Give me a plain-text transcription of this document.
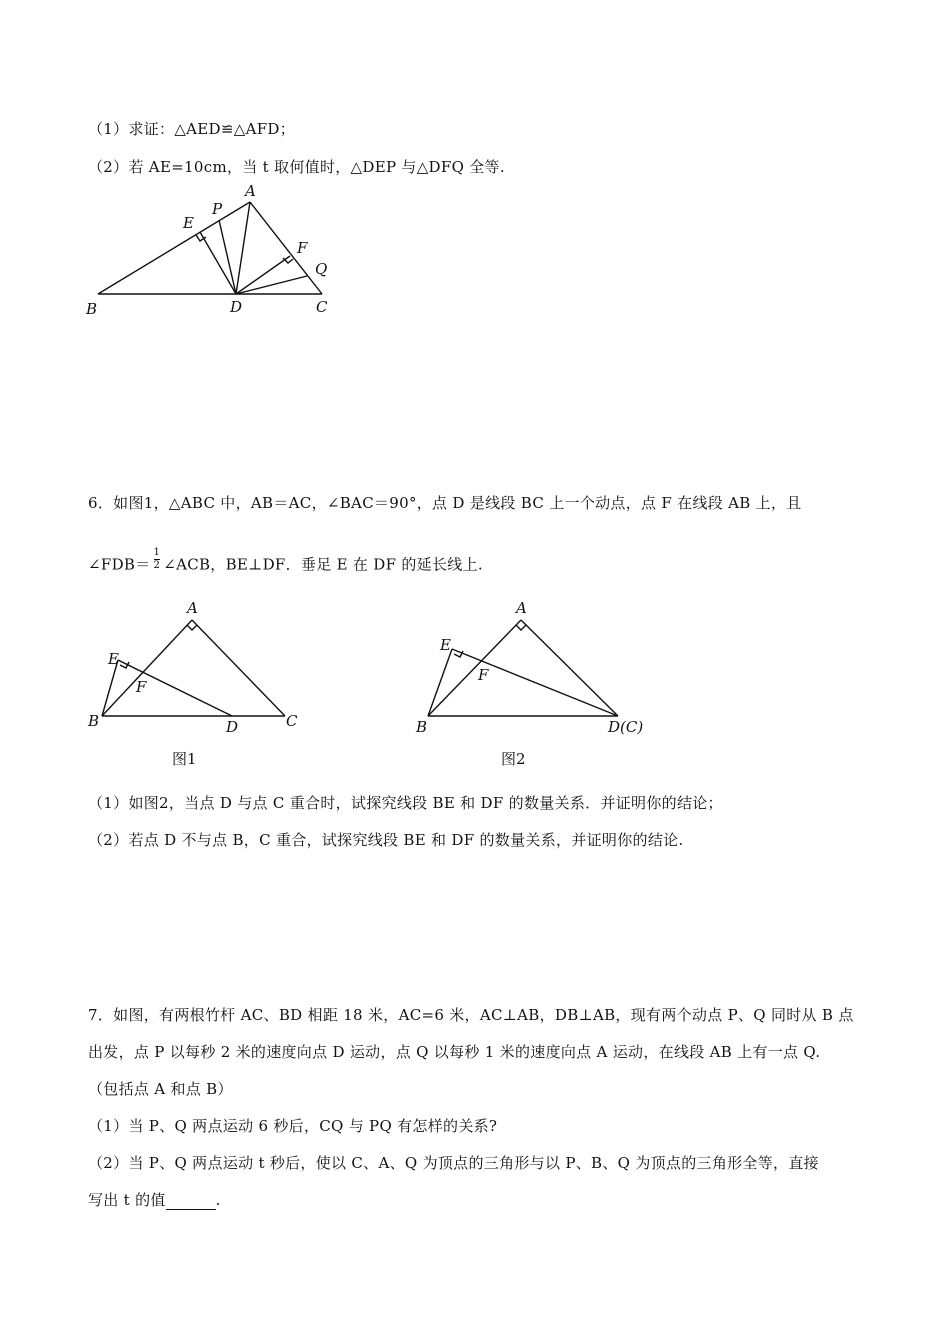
（1）求证：△AED≌△AFD；
（2）若 AE=10cm，当 t 取何值时，△DEP 与△DFQ 全等.
A
E
P
F
Q
B	D	C
6．如图1，△ABC 中，AB＝AC，∠BAC＝90°，点 D 是线段 BC 上一个动点，点 F 在线段 AB 上，且
∠FDB＝ $\frac{1}{2}$ ∠ACB，BE⊥DF．垂足 E 在 DF 的延长线上.
A
E
F
B	D	C
图1
A
E
F
B	D(C)
图2
（1）如图2，当点 D 与点 C 重合时，试探究线段 BE 和 DF 的数量关系．并证明你的结论；
（2）若点 D 不与点 B，C 重合，试探究线段 BE 和 DF 的数量关系，并证明你的结论.
7．如图，有两根竹杆 AC、BD 相距 18 米，AC=6 米，AC⊥AB，DB⊥AB，现有两个动点 P、Q 同时从 B 点
出发，点 P 以每秒 2 米的速度向点 D 运动，点 Q 以每秒 1 米的速度向点 A 运动，在线段 AB 上有一点 Q.
（包括点 A 和点 B）
（1）当 P、Q 两点运动 6 秒后，CQ 与 PQ 有怎样的关系?
（2）当 P、Q 两点运动 t 秒后，使以 C、A、Q 为顶点的三角形与以 P、B、Q 为顶点的三角形全等，直接
写出 t 的值	.
